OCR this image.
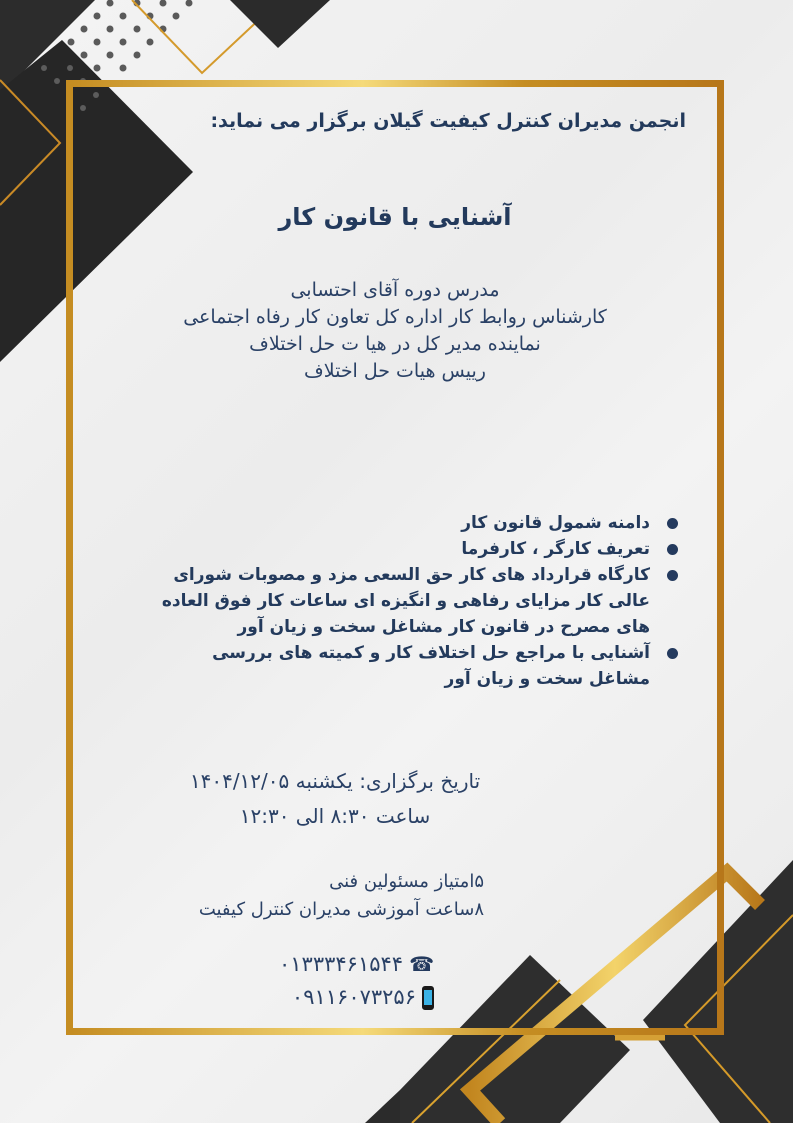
انجمن مدیران کنترل کیفیت گیلان برگزار می نماید:
آشنایی با قانون کار
مدرس دوره آقای احتسابی
کارشناس روابط کار اداره کل تعاون کار رفاه اجتماعی
نماینده مدیر کل در هیا ت حل اختلاف
رییس هیات حل اختلاف
دامنه شمول قانون کار
تعریف کارگر ، کارفرما
کارگاه قرارداد های کار حق السعی مزد و مصوبات شورای عالی کار مزایای رفاهی و انگیزه ای ساعات کار فوق العاده های مصرح در قانون کار مشاغل سخت و زیان آور
آشنایی با مراجع حل اختلاف کار و کمیته های بررسی مشاغل سخت و زیان آور
تاریخ برگزاری: یکشنبه ۱۴۰۴/۱۲/۰۵
ساعت ۸:۳۰ الی ۱۲:۳۰
۵امتیاز مسئولین فنی
۸ساعت آموزشی مدیران کنترل کیفیت
☎
۰۱۳۳۳۴۶۱۵۴۴
۰۹۱۱۶۰۷۳۲۵۶
